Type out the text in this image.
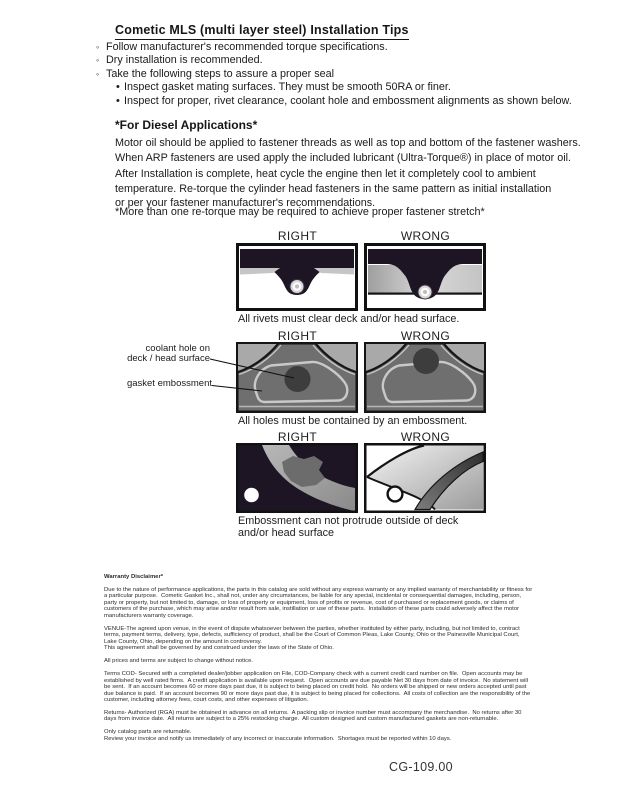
Cometic MLS (multi layer steel) Installation Tips
◦ Follow manufacturer's recommended torque specifications.
◦ Dry installation is recommended.
◦ Take the following steps to assure a proper seal
• Inspect gasket mating surfaces. They must be smooth 50RA or finer.
• Inspect for proper, rivet clearance, coolant hole and embossment alignments as shown below.
*For Diesel Applications*
Motor oil should be applied to fastener threads as well as top and bottom of the fastener washers.
When ARP fasteners are used apply the included lubricant (Ultra-Torque®) in place of motor oil.
After Installation is complete, heat cycle the engine then let it completely cool to ambient
temperature. Re-torque the cylinder head fasteners in the same pattern as initial installation
or per your fastener manufacturer's recommendations.
*More than one re-torque may be required to achieve proper fastener stretch*
RIGHT	WRONG
All rivets must clear deck and/or head surface.
RIGHT	WRONG
coolant hole on
deck / head surface
gasket embossment
All holes must be contained by an embossment.
RIGHT	WRONG
Embossment can not protrude outside of deck
and/or head surface
Warranty Disclaimer*
Due to the nature of performance applications, the parts in this catalog are sold without any express warranty or any implied warranty of merchantability or fitness for a particular purpose.  Cometic Gasket Inc., shall not, under any circumstances, be liable for any special, incidental or consequential damages, including, person, party or property, but not limited to, damage, or loss of property or equipment, loss of profits or revenue, cost of purchased or replacement goods, or claims of customers of the purchase, which may arise and/or result from sale, instillation or use of these parts.  Installation of these parts could adversely affect the motor manufacturers warranty coverage.
VENUE-The agreed upon venue, in the event of dispute whatsoever between the parties, whether instituted by either party, including, but not limited to, contract terms, payment terms, delivery, type, defects, sufficiency of product, shall be the Court of Common Pleas, Lake County, Ohio or the Painesville Municipal Court, Lake County, Ohio, depending on the amount in controversy.
This agreement shall be governed by and construed under the laws of the State of Ohio.
All prices and terms are subject to change without notice.
Terms COD- Secured with a completed dealer/jobber application on File, COD-Company check with a current credit card number on file.  Open accounts may be established by well rated firms.  A credit application is available upon request.  Open accounts are due payable Net 30 days from date of invoice.  No statement will be sent.  If an account becomes 60 or more days past due, it is subject to being placed on credit hold.  No orders will be shipped or new orders accepted until past due balance is paid.  If an account becomes 90 or more days past due, it is subject to being placed for collections.  All costs of collection are the responsibility of the customer, including attorney fees, court costs, and other expenses of litigation.
Returns- Authorized (RGA) must be obtained in advance on all returns.  A packing slip or invoice number must accompany the merchandise.  No returns after 30 days from invoice date.  All returns are subject to a 25% restocking charge.  All custom designed and custom manufactured gaskets are non-returnable.
Only catalog parts are returnable.
Review your invoice and notify us immediately of any incorrect or inaccurate information.  Shortages must be reported within 10 days.
CG-109.00
